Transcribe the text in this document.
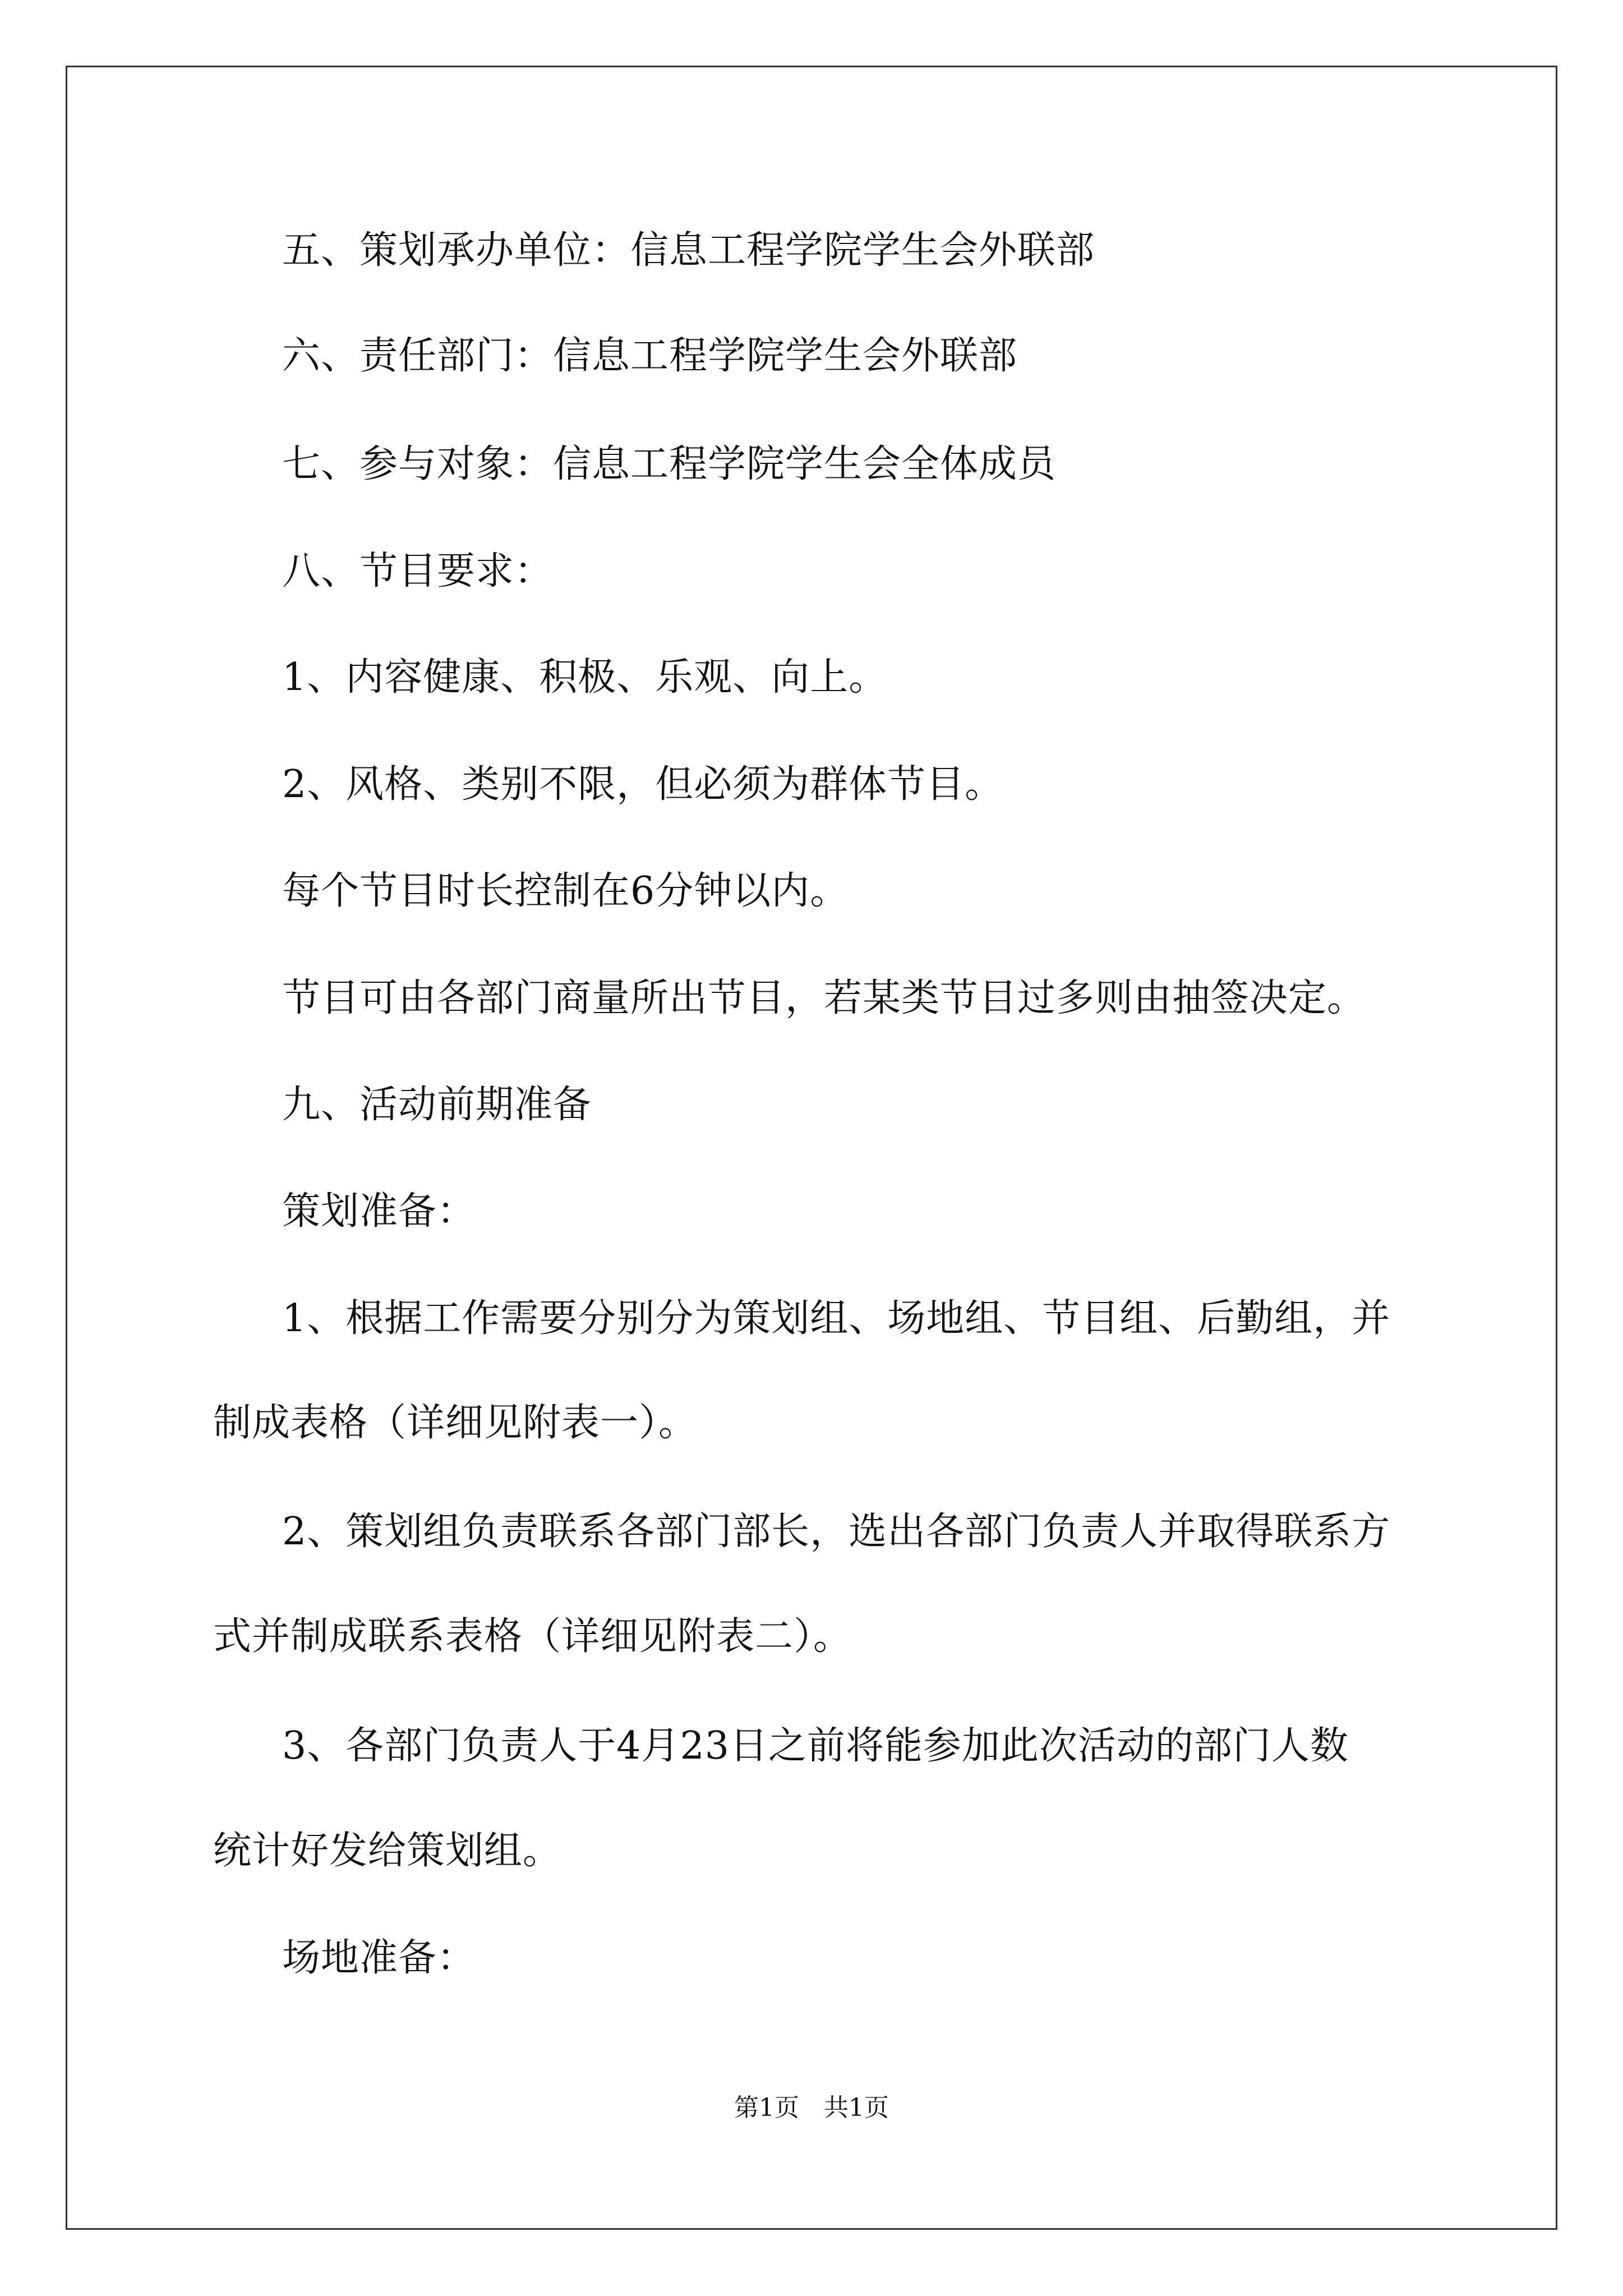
五、策划承办单位：信息工程学院学生会外联部
六、责任部门：信息工程学院学生会外联部
七、参与对象：信息工程学院学生会全体成员
八、节目要求：
1、内容健康、积极、乐观、向上。
2、风格、类别不限，但必须为群体节目。
每个节目时长控制在6分钟以内。
节目可由各部门商量所出节目，若某类节目过多则由抽签决定。
九、活动前期准备
策划准备：
1、根据工作需要分别分为策划组、场地组、节目组、后勤组，并
制成表格（详细见附表一）。
2、策划组负责联系各部门部长，选出各部门负责人并取得联系方
式并制成联系表格（详细见附表二）。
3、各部门负责人于4月23日之前将能参加此次活动的部门人数
统计好发给策划组。
场地准备：
第1页　共1页
